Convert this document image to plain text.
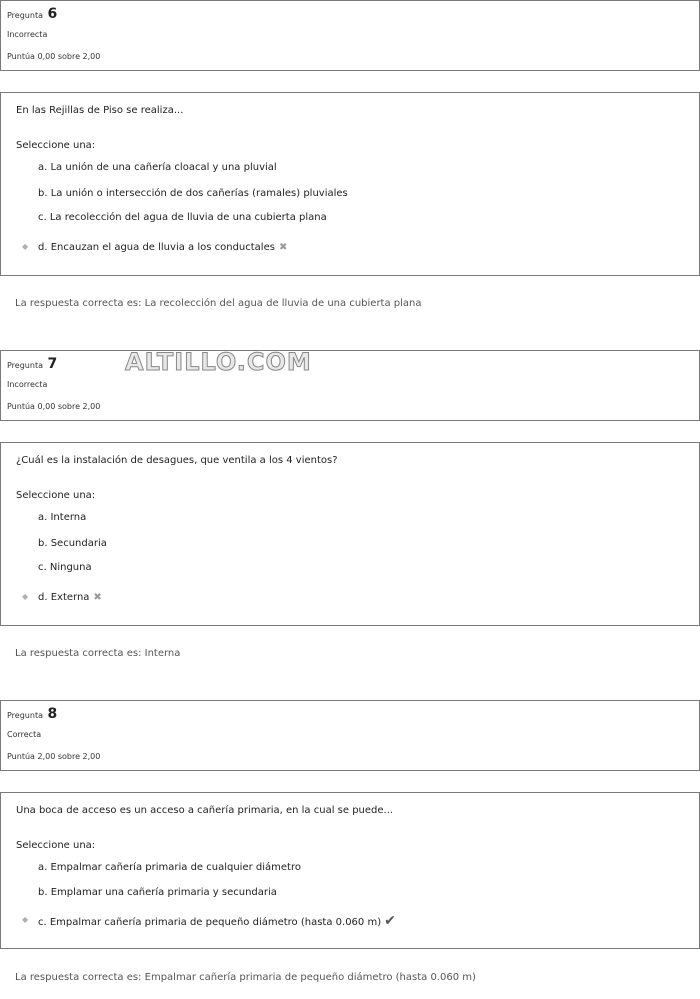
Pregunta 6
Incorrecta
Puntúa 0,00 sobre 2,00
En las Rejillas de Piso se realiza...
Seleccione una:
a. La unión de una cañería cloacal y una pluvial
b. La unión o intersección de dos cañerías (ramales) pluviales
c. La recolección del agua de lluvia de una cubierta plana
◆ d. Encauzan el agua de lluvia a los conductales ✖
La respuesta correcta es: La recolección del agua de lluvia de una cubierta plana
Pregunta 7
Incorrecta
Puntúa 0,00 sobre 2,00
ALTILLO.COM
¿Cuál es la instalación de desagues, que ventila a los 4 vientos?
Seleccione una:
a. Interna
b. Secundaria
c. Ninguna
◆ d. Externa ✖
La respuesta correcta es: Interna
Pregunta 8
Correcta
Puntúa 2,00 sobre 2,00
Una boca de acceso es un acceso a cañería primaria, en la cual se puede...
Seleccione una:
a. Empalmar cañería primaria de cualquier diámetro
b. Emplamar una cañería primaria y secundaria
◆ c. Empalmar cañería primaria de pequeño diámetro (hasta 0.060 m) ✔
La respuesta correcta es: Empalmar cañería primaria de pequeño diámetro (hasta 0.060 m)
